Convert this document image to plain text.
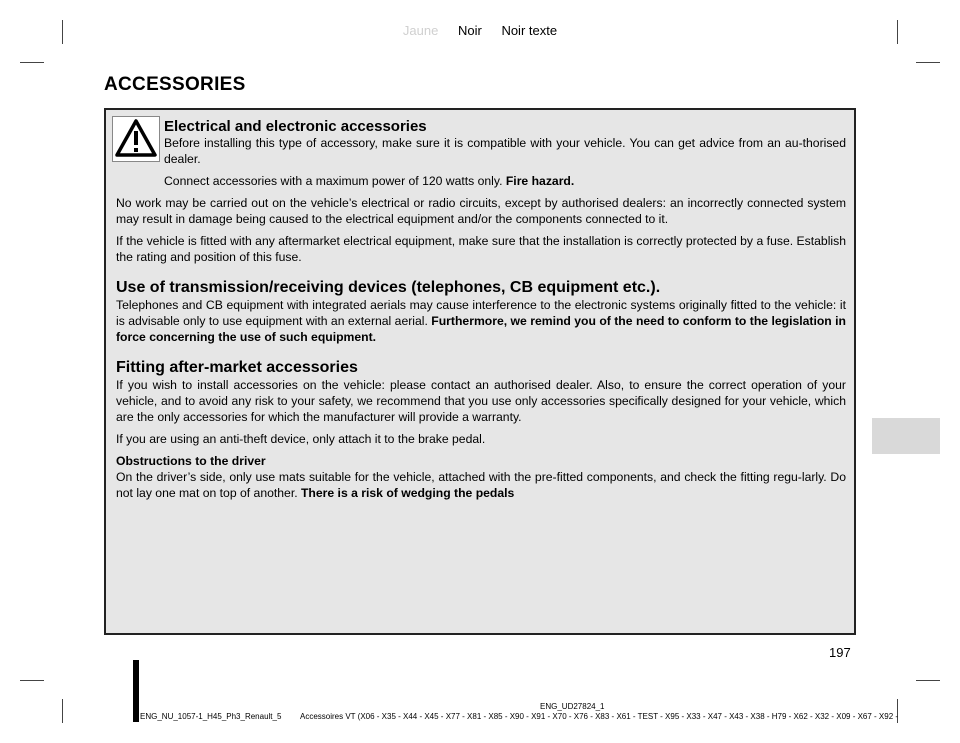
Jaune Noir Noir texte
ACCESSORIES
Electrical and electronic accessories

Before installing this type of accessory, make sure it is compatible with your vehicle. You can get advice from an au-thorised dealer.

Connect accessories with a maximum power of 120 watts only. Fire hazard.

No work may be carried out on the vehicle’s electrical or radio circuits, except by authorised dealers: an incorrectly connected system may result in damage being caused to the electrical equipment and/or the components connected to it.

If the vehicle is fitted with any aftermarket electrical equipment, make sure that the installation is correctly protected by a fuse. Establish the rating and position of this fuse.

Use of transmission/receiving devices (telephones, CB equipment etc.).

Telephones and CB equipment with integrated aerials may cause interference to the electronic systems originally fitted to the vehicle: it is advisable only to use equipment with an external aerial. Furthermore, we remind you of the need to conform to the legislation in force concerning the use of such equipment.

Fitting after-market accessories

If you wish to install accessories on the vehicle: please contact an authorised dealer. Also, to ensure the correct operation of your vehicle, and to avoid any risk to your safety, we recommend that you use only accessories specifically designed for your vehicle, which are the only accessories for which the manufacturer will provide a warranty.

If you are using an anti-theft device, only attach it to the brake pedal.

Obstructions to the driver

On the driver’s side, only use mats suitable for the vehicle, attached with the pre-fitted components, and check the fitting regu-larly. Do not lay one mat on top of another. There is a risk of wedging the pedals

197
ENG_UD27824_1
ENG_NU_1057-1_H45_Ph3_Renault_5 Accessoires VT (X06 - X35 - X44 - X45 - X77 - X81 - X85 - X90 - X91 - X70 - X76 - X83 - X61 - TEST - X95 - X33 - X47 - X43 - X38 - H79 - X62 - X32 - X09 - X67 - X92 -
